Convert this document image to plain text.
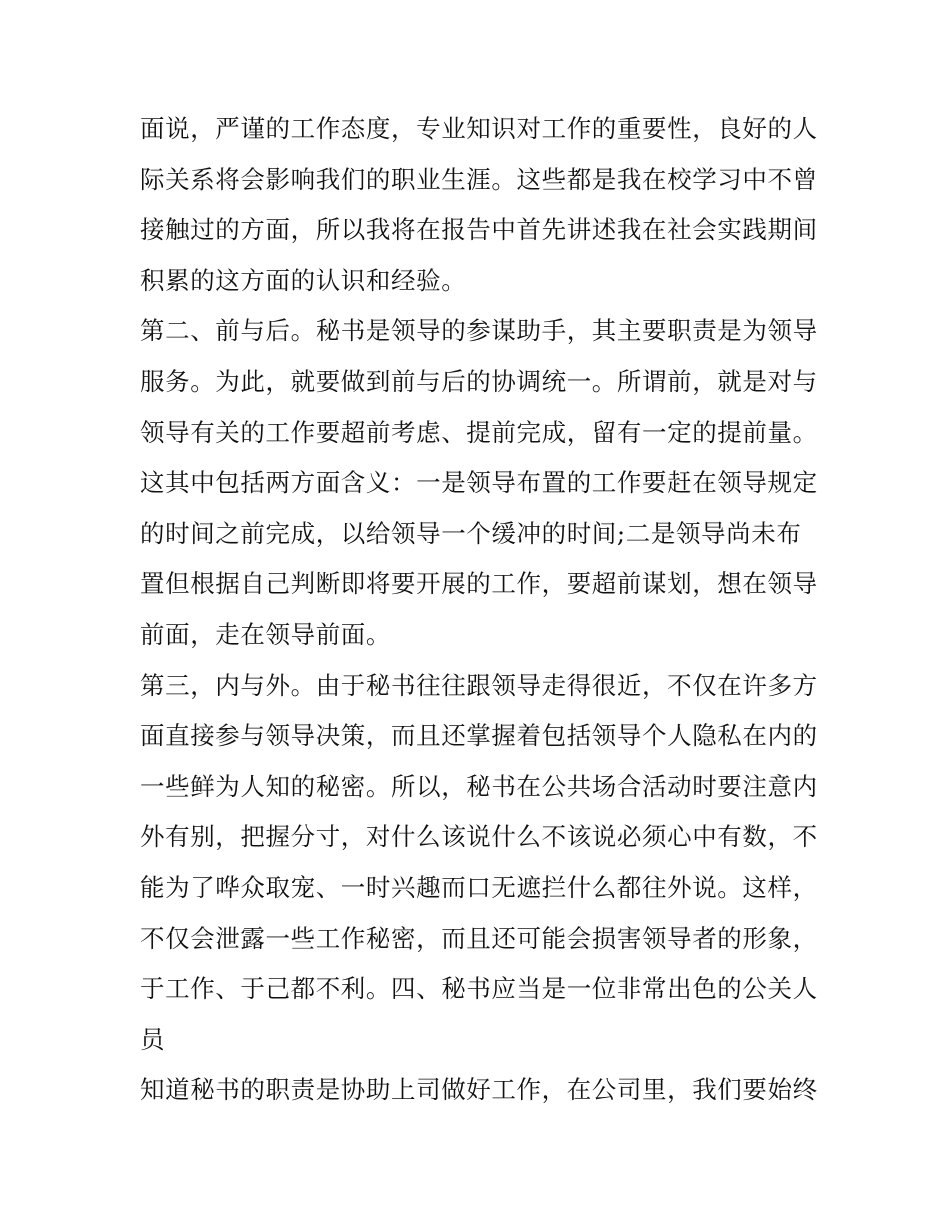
面说，严谨的工作态度，专业知识对工作的重要性，良好的人
际关系将会影响我们的职业生涯。这些都是我在校学习中不曾
接触过的方面，所以我将在报告中首先讲述我在社会实践期间
积累的这方面的认识和经验。
第二、前与后。秘书是领导的参谋助手，其主要职责是为领导
服务。为此，就要做到前与后的协调统一。所谓前，就是对与
领导有关的工作要超前考虑、提前完成，留有一定的提前量。
这其中包括两方面含义：一是领导布置的工作要赶在领导规定
的时间之前完成，以给领导一个缓冲的时间;二是领导尚未布
置但根据自己判断即将要开展的工作，要超前谋划，想在领导
前面，走在领导前面。
第三，内与外。由于秘书往往跟领导走得很近，不仅在许多方
面直接参与领导决策，而且还掌握着包括领导个人隐私在内的
一些鲜为人知的秘密。所以，秘书在公共场合活动时要注意内
外有别，把握分寸，对什么该说什么不该说必须心中有数，不
能为了哗众取宠、一时兴趣而口无遮拦什么都往外说。这样，
不仅会泄露一些工作秘密，而且还可能会损害领导者的形象，
于工作、于己都不利。四、秘书应当是一位非常出色的公关人
员
知道秘书的职责是协助上司做好工作，在公司里，我们要始终
